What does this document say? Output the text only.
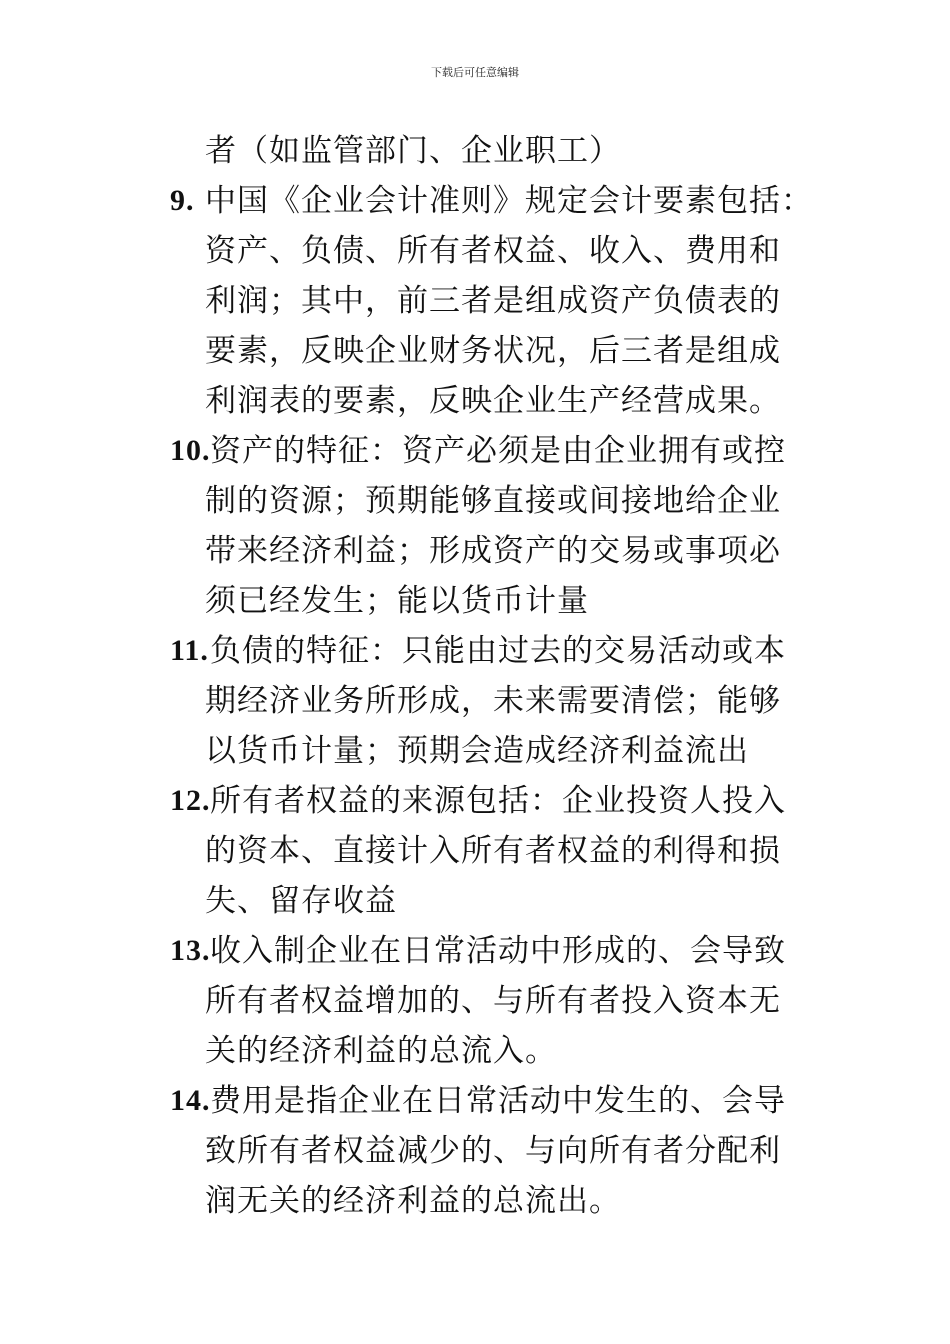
下载后可任意编辑
者（如监管部门、企业职工）
9. 中国《企业会计准则》规定会计要素包括：
资产、负债、所有者权益、收入、费用和
利润；其中，前三者是组成资产负债表的
要素，反映企业财务状况，后三者是组成
利润表的要素，反映企业生产经营成果。
10. 资产的特征：资产必须是由企业拥有或控
制的资源；预期能够直接或间接地给企业
带来经济利益；形成资产的交易或事项必
须已经发生；能以货币计量
11. 负债的特征：只能由过去的交易活动或本
期经济业务所形成，未来需要清偿；能够
以货币计量；预期会造成经济利益流出
12. 所有者权益的来源包括：企业投资人投入
的资本、直接计入所有者权益的利得和损
失、留存收益
13. 收入制企业在日常活动中形成的、会导致
所有者权益增加的、与所有者投入资本无
关的经济利益的总流入。
14. 费用是指企业在日常活动中发生的、会导
致所有者权益减少的、与向所有者分配利
润无关的经济利益的总流出。
